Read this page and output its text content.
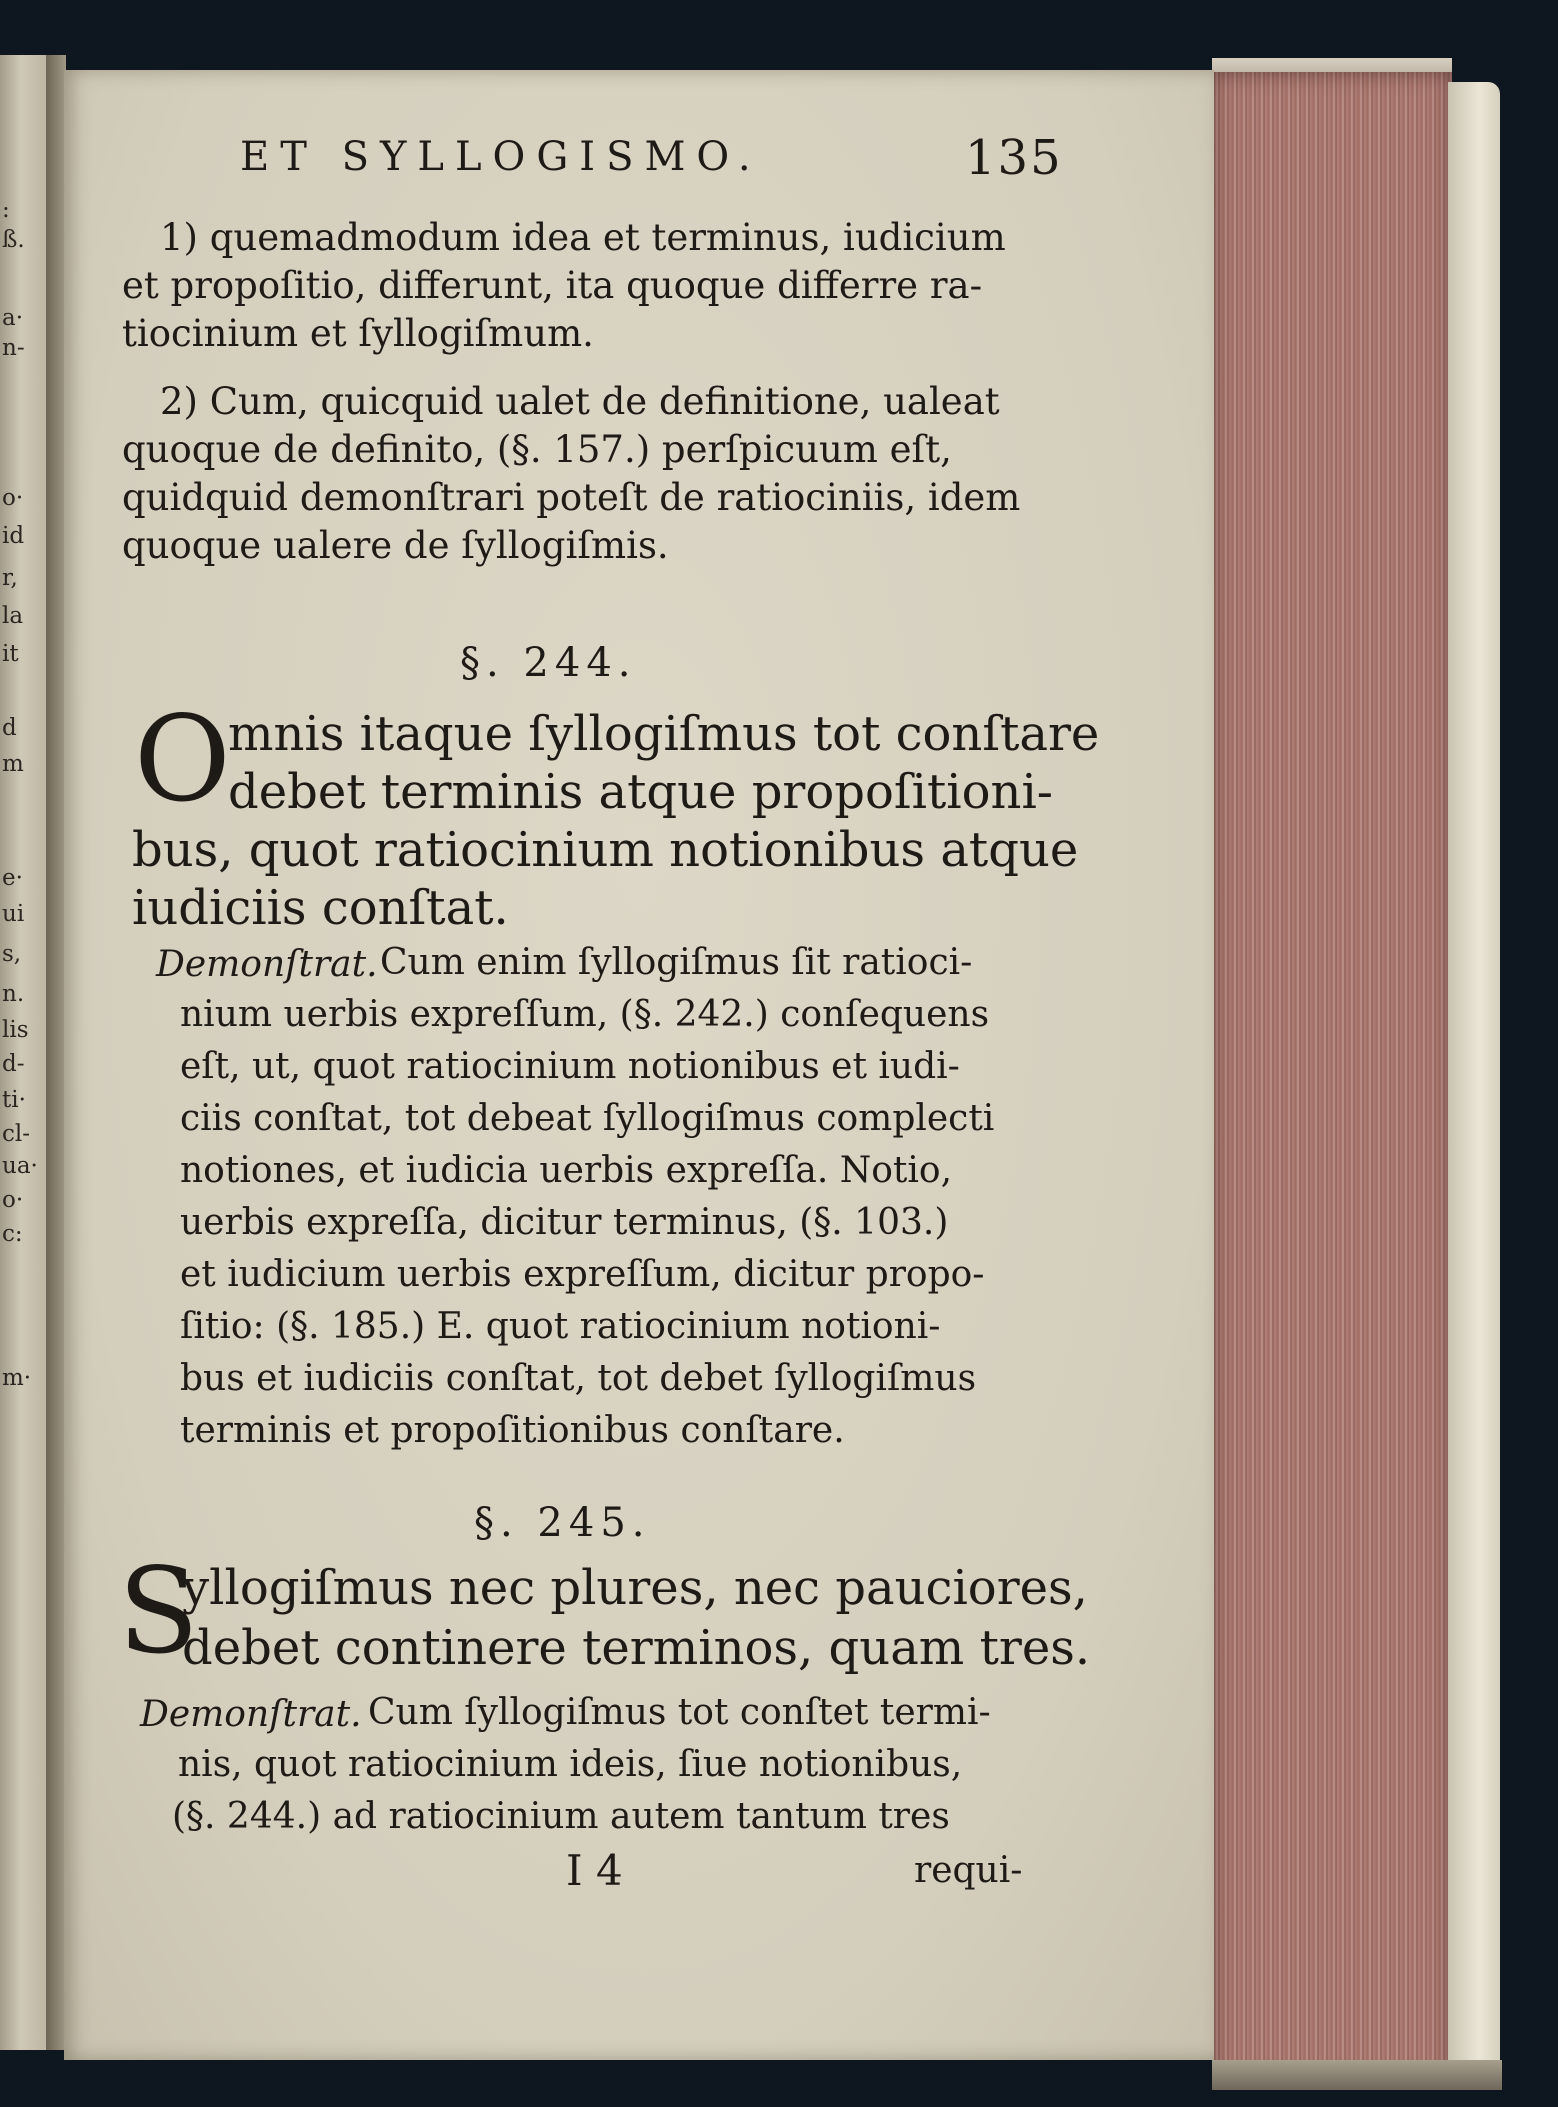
:
ß.
a·
n-
o·
id
r,
la
it
d
m
e·
ui
s,
n.
lis
d-
ti·
cl-
ua·
o·
c:
m·
ET SYLLOGISMO.	135
1) quemadmodum idea et terminus, iudicium
et propoſitio, differunt, ita quoque differre ra-
tiocinium et ſyllogiſmum.
2) Cum, quicquid ualet de definitione, ualeat
quoque de definito, (§. 157.) perſpicuum eſt,
quidquid demonſtrari poteſt de ratiociniis, idem
quoque ualere de ſyllogiſmis.
§. 244.
O
mnis itaque ſyllogiſmus tot conſtare
debet terminis atque propoſitioni-
bus, quot ratiocinium notionibus atque
iudiciis conſtat.
Demonſtrat. Cum enim ſyllogiſmus ſit ratioci-
nium uerbis expreſſum, (§. 242.) conſequens
eſt, ut, quot ratiocinium notionibus et iudi-
ciis conſtat, tot debeat ſyllogiſmus complecti
notiones, et iudicia uerbis expreſſa. Notio,
uerbis expreſſa, dicitur terminus, (§. 103.)
et iudicium uerbis expreſſum, dicitur propo-
ſitio: (§. 185.) E. quot ratiocinium notioni-
bus et iudiciis conſtat, tot debet ſyllogiſmus
terminis et propoſitionibus conſtare.
§. 245.
S
yllogiſmus nec plures, nec pauciores,
debet continere terminos, quam tres.
Demonſtrat. Cum ſyllogiſmus tot conſtet termi-
nis, quot ratiocinium ideis, ſiue notionibus,
(§. 244.) ad ratiocinium autem tantum tres
I 4	requi-
